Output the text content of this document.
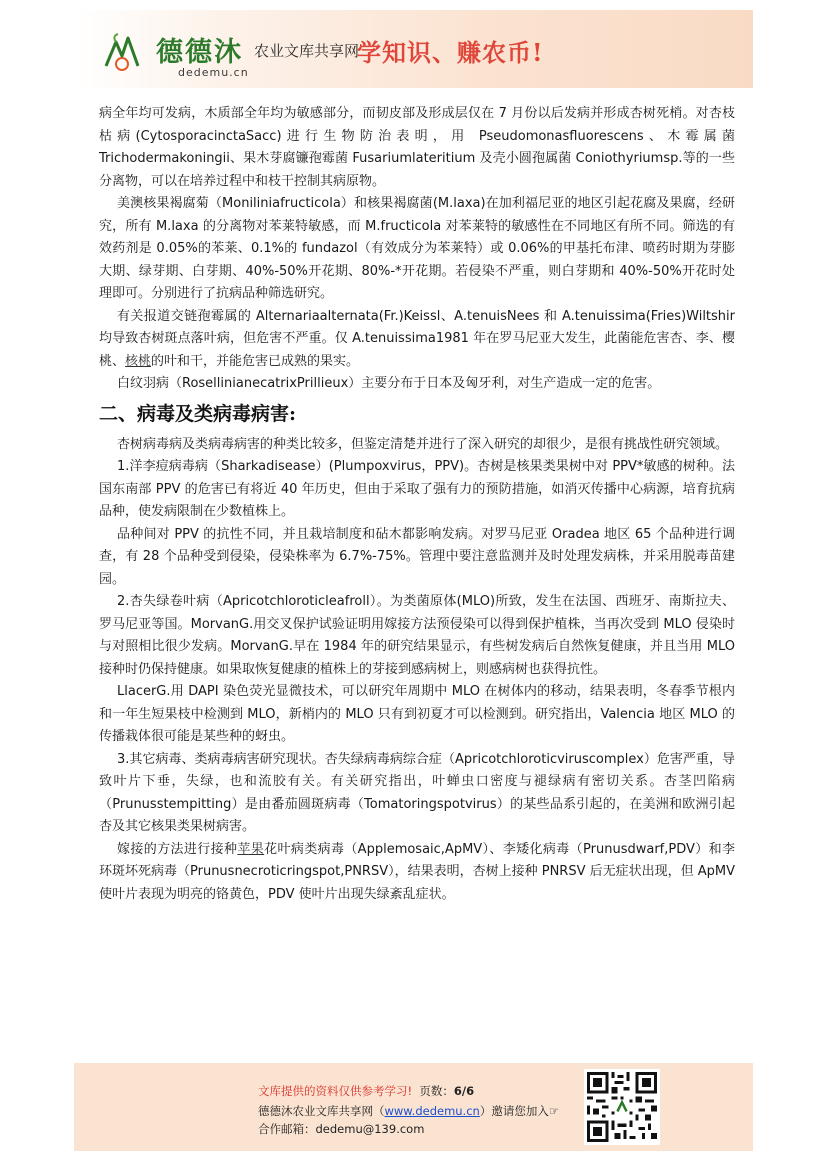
德德沐
dedemu.cn
农业文库共享网
学知识、赚农币!

病全年均可发病，木质部全年均为敏感部分，而韧皮部及形成层仅在 7 月份以后发病并形成杏树死梢。对杏枝枯病(CytosporacinctaSacc)进行生物防治表明，用 Pseudomonasfluorescens、木霉属菌 Trichodermakoningii、果木芽腐镰孢霉菌 Fusariumlateritium 及壳小圆孢属菌 Coniothyriumsp.等的一些分离物，可以在培养过程中和枝干控制其病原物。

美澳核果褐腐菊（Moniliniafructicola）和核果褐腐菌(M.laxa)在加利福尼亚的地区引起花腐及果腐，经研究，所有 M.laxa 的分离物对苯莱特敏感，而 M.fructicola 对苯莱特的敏感性在不同地区有所不同。筛选的有效药剂是 0.05%的苯莱、0.1%的 fundazol（有效成分为苯莱特）或 0.06%的甲基托布津、喷药时期为芽膨大期、绿芽期、白芽期、40%-50%开花期、80%-*开花期。若侵染不严重，则白芽期和 40%-50%开花时处理即可。分别进行了抗病品种筛选研究。

有关报道交链孢霉属的 Alternariaalternata(Fr.)Keissl、A.tenuisNees 和 A.tenuissima(Fries)Wiltshir 均导致杏树斑点落叶病，但危害不严重。仅 A.tenuissima1981 年在罗马尼亚大发生，此菌能危害杏、李、樱桃、核桃的叶和干，并能危害已成熟的果实。

白纹羽病（RosellinianecatrixPrillieux）主要分布于日本及匈牙利，对生产造成一定的危害。

二、病毒及类病毒病害:

杏树病毒病及类病毒病害的种类比较多，但鉴定清楚并进行了深入研究的却很少，是很有挑战性研究领域。

1.洋李痘病毒病（Sharkadisease）(Plumpoxvirus，PPV)。杏树是核果类果树中对 PPV*敏感的树种。法国东南部 PPV 的危害已有将近 40 年历史，但由于采取了强有力的预防措施，如消灭传播中心病源，培育抗病品种，使发病限制在少数植株上。

品种间对 PPV 的抗性不同，并且栽培制度和砧木都影响发病。对罗马尼亚 Oradea 地区 65 个品种进行调查，有 28 个品种受到侵染，侵染株率为 6.7%-75%。管理中要注意监测并及时处理发病株，并采用脱毒苗建园。

2.杏失绿卷叶病（Apricotchloroticleafroll）。为类菌原体(MLO)所致，发生在法国、西班牙、南斯拉夫、罗马尼亚等国。MorvanG.用交叉保护试验证明用嫁接方法预侵染可以得到保护植株，当再次受到 MLO 侵染时与对照相比很少发病。MorvanG.早在 1984 年的研究结果显示，有些树发病后自然恢复健康，并且当用 MLO 接种时仍保持健康。如果取恢复健康的植株上的芽接到感病树上，则感病树也获得抗性。

LlacerG.用 DAPI 染色荧光显微技术，可以研究年周期中 MLO 在树体内的移动，结果表明，冬春季节根内和一年生短果枝中检测到 MLO，新梢内的 MLO 只有到初夏才可以检测到。研究指出，Valencia 地区 MLO 的传播栽体很可能是某些种的蚜虫。

3.其它病毒、类病毒病害研究现状。杏失绿病毒病综合症（Apricotchloroticviruscomplex）危害严重，导致叶片下垂，失绿，也和流胶有关。有关研究指出，叶蝉虫口密度与褪绿病有密切关系。杏茎凹陷病（Prunusstempitting）是由番茄圆斑病毒（Tomatoringspotvirus）的某些品系引起的，在美洲和欧洲引起杏及其它核果类果树病害。

嫁接的方法进行接种苹果花叶病类病毒（Applemosaic,ApMV）、李矮化病毒（Prunusdwarf,PDV）和李环斑坏死病毒（Prunusnecroticringspot,PNRSV），结果表明，杏树上接种 PNRSV 后无症状出现，但 ApMV 使叶片表现为明亮的铬黄色，PDV 使叶片出现失绿紊乱症状。

文库提供的资料仅供参考学习! 页数：6/6
德德沐农业文库共享网（www.dedemu.cn）邀请您加入☞
合作邮箱：dedemu@139.com
